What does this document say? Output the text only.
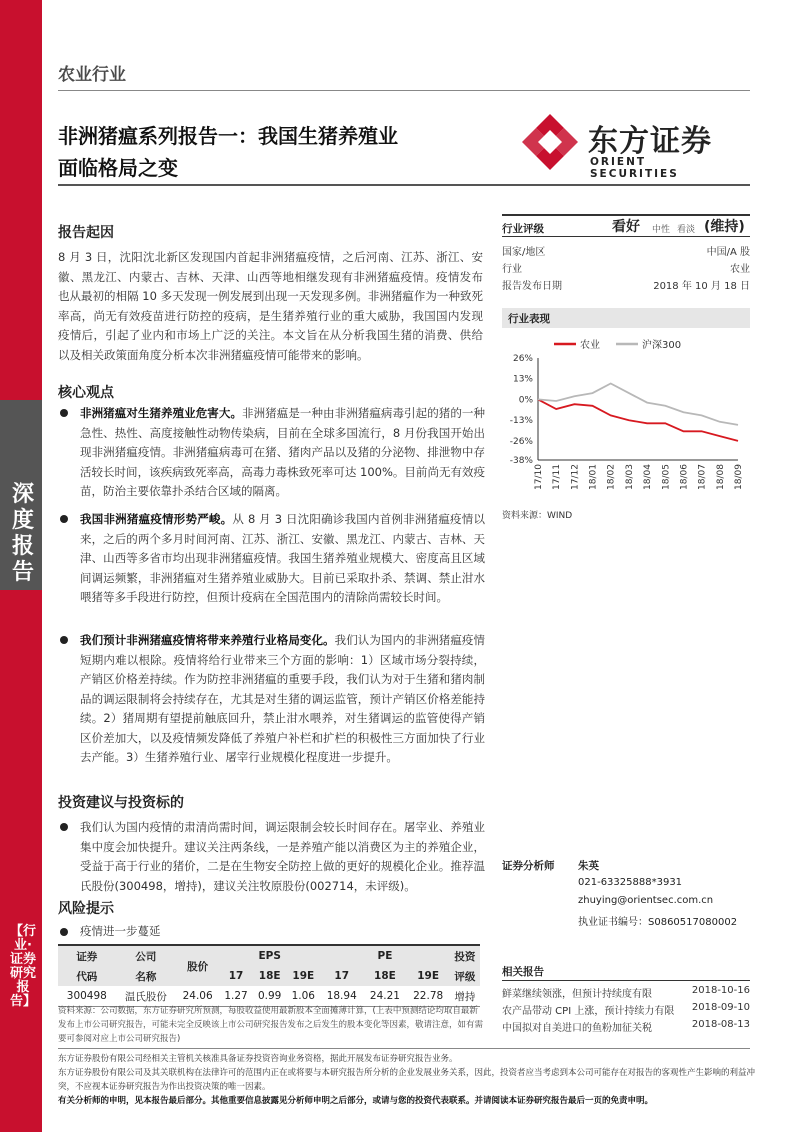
深度报告
【行业·证券研究报告】
农业行业
非洲猪瘟系列报告一：我国生猪养殖业
面临格局之变
东方证券
ORIENT SECURITIES
报告起因
8 月 3 日，沈阳沈北新区发现国内首起非洲猪瘟疫情，之后河南、江苏、浙江、安徽、黑龙江、内蒙古、吉林、天津、山西等地相继发现有非洲猪瘟疫情。疫情发布也从最初的相隔 10 多天发现一例发展到出现一天发现多例。非洲猪瘟作为一种致死率高，尚无有效疫苗进行防控的疫病，是生猪养殖行业的重大威胁，我国国内发现疫情后，引起了业内和市场上广泛的关注。本文旨在从分析我国生猪的消费、供给以及相关政策面角度分析本次非洲猪瘟疫情可能带来的影响。
核心观点
非洲猪瘟对生猪养殖业危害大。非洲猪瘟是一种由非洲猪瘟病毒引起的猪的一种急性、热性、高度接触性动物传染病，目前在全球多国流行，8 月份我国开始出现非洲猪瘟疫情。非洲猪瘟病毒可在猪、猪肉产品以及猪的分泌物、排泄物中存活较长时间，该疾病致死率高，高毒力毒株致死率可达 100%。目前尚无有效疫苗，防治主要依靠扑杀结合区域的隔离。
我国非洲猪瘟疫情形势严峻。从 8 月 3 日沈阳确诊我国内首例非洲猪瘟疫情以来，之后的两个多月时间河南、江苏、浙江、安徽、黑龙江、内蒙古、吉林、天津、山西等多省市均出现非洲猪瘟疫情。我国生猪养殖业规模大、密度高且区域间调运频繁，非洲猪瘟对生猪养殖业威胁大。目前已采取扑杀、禁调、禁止泔水喂猪等多手段进行防控，但预计疫病在全国范围内的清除尚需较长时间。
我们预计非洲猪瘟疫情将带来养殖行业格局变化。我们认为国内的非洲猪瘟疫情短期内难以根除。疫情将给行业带来三个方面的影响：1）区域市场分裂持续，产销区价格差持续。作为防控非洲猪瘟的重要手段，我们认为对于生猪和猪肉制品的调运限制将会持续存在，尤其是对生猪的调运监管，预计产销区价格差能持续。2）猪周期有望提前触底回升，禁止泔水喂养，对生猪调运的监管使得产销区价差加大，以及疫情频发降低了养殖户补栏和扩栏的积极性三方面加快了行业去产能。3）生猪养殖行业、屠宰行业规模化程度进一步提升。
投资建议与投资标的
我们认为国内疫情的肃清尚需时间，调运限制会较长时间存在。屠宰业、养殖业集中度会加快提升。建议关注两条线，一是养殖产能以消费区为主的养殖企业，受益于高于行业的猪价，二是在生物安全防控上做的更好的规模化企业。推荐温氏股份(300498，增持)，建议关注牧原股份(002714，未评级)。
风险提示
疫情进一步蔓延
证券	公司	股价	EPS			PE			投资
代码	名称		17	18E	19E	17	18E	19E	评级
300498	温氏股份	24.06	1.27	0.99	1.06	18.94	24.21	22.78	增持
资料来源：公司数据，东方证券研究所预测，每股收益使用最新股本全面摊薄计算，(上表中预测结论均取自最新发布上市公司研究报告，可能未完全反映该上市公司研究报告发布之后发生的股本变化等因素，敬请注意，如有需要可参阅对应上市公司研究报告)
行业评级	看好 中性 看淡 (维持)
国家/地区	中国/A 股
行业	农业
报告发布日期	2018 年 10 月 18 日
行业表现
农业	沪深300
26%
13%
0%
-13%
-26%
-38%
17/10 17/11 17/12 18/01 18/02 18/03 18/04 18/05 18/06 18/07 18/08 18/09
资料来源：WIND
证券分析师 朱英
021-63325888*3931
zhuying@orientsec.com.cn
执业证书编号：S0860517080002
相关报告
鲜菜继续领涨，但预计持续度有限	2018-10-16
农产品带动 CPI 上涨，预计持续力有限 2018-09-10
中国拟对自美进口的鱼粉加征关税	2018-08-13
东方证券股份有限公司经相关主管机关核准具备证券投资咨询业务资格，据此开展发布证券研究报告业务。
东方证券股份有限公司及其关联机构在法律许可的范围内正在或将要与本研究报告所分析的企业发展业务关系，因此，投资者应当考虑到本公司可能存在对报告的客观性产生影响的利益冲突，不应视本证券研究报告为作出投资决策的唯一因素。
有关分析师的申明，见本报告最后部分。其他重要信息披露见分析师申明之后部分，或请与您的投资代表联系。并请阅读本证券研究报告最后一页的免责申明。
